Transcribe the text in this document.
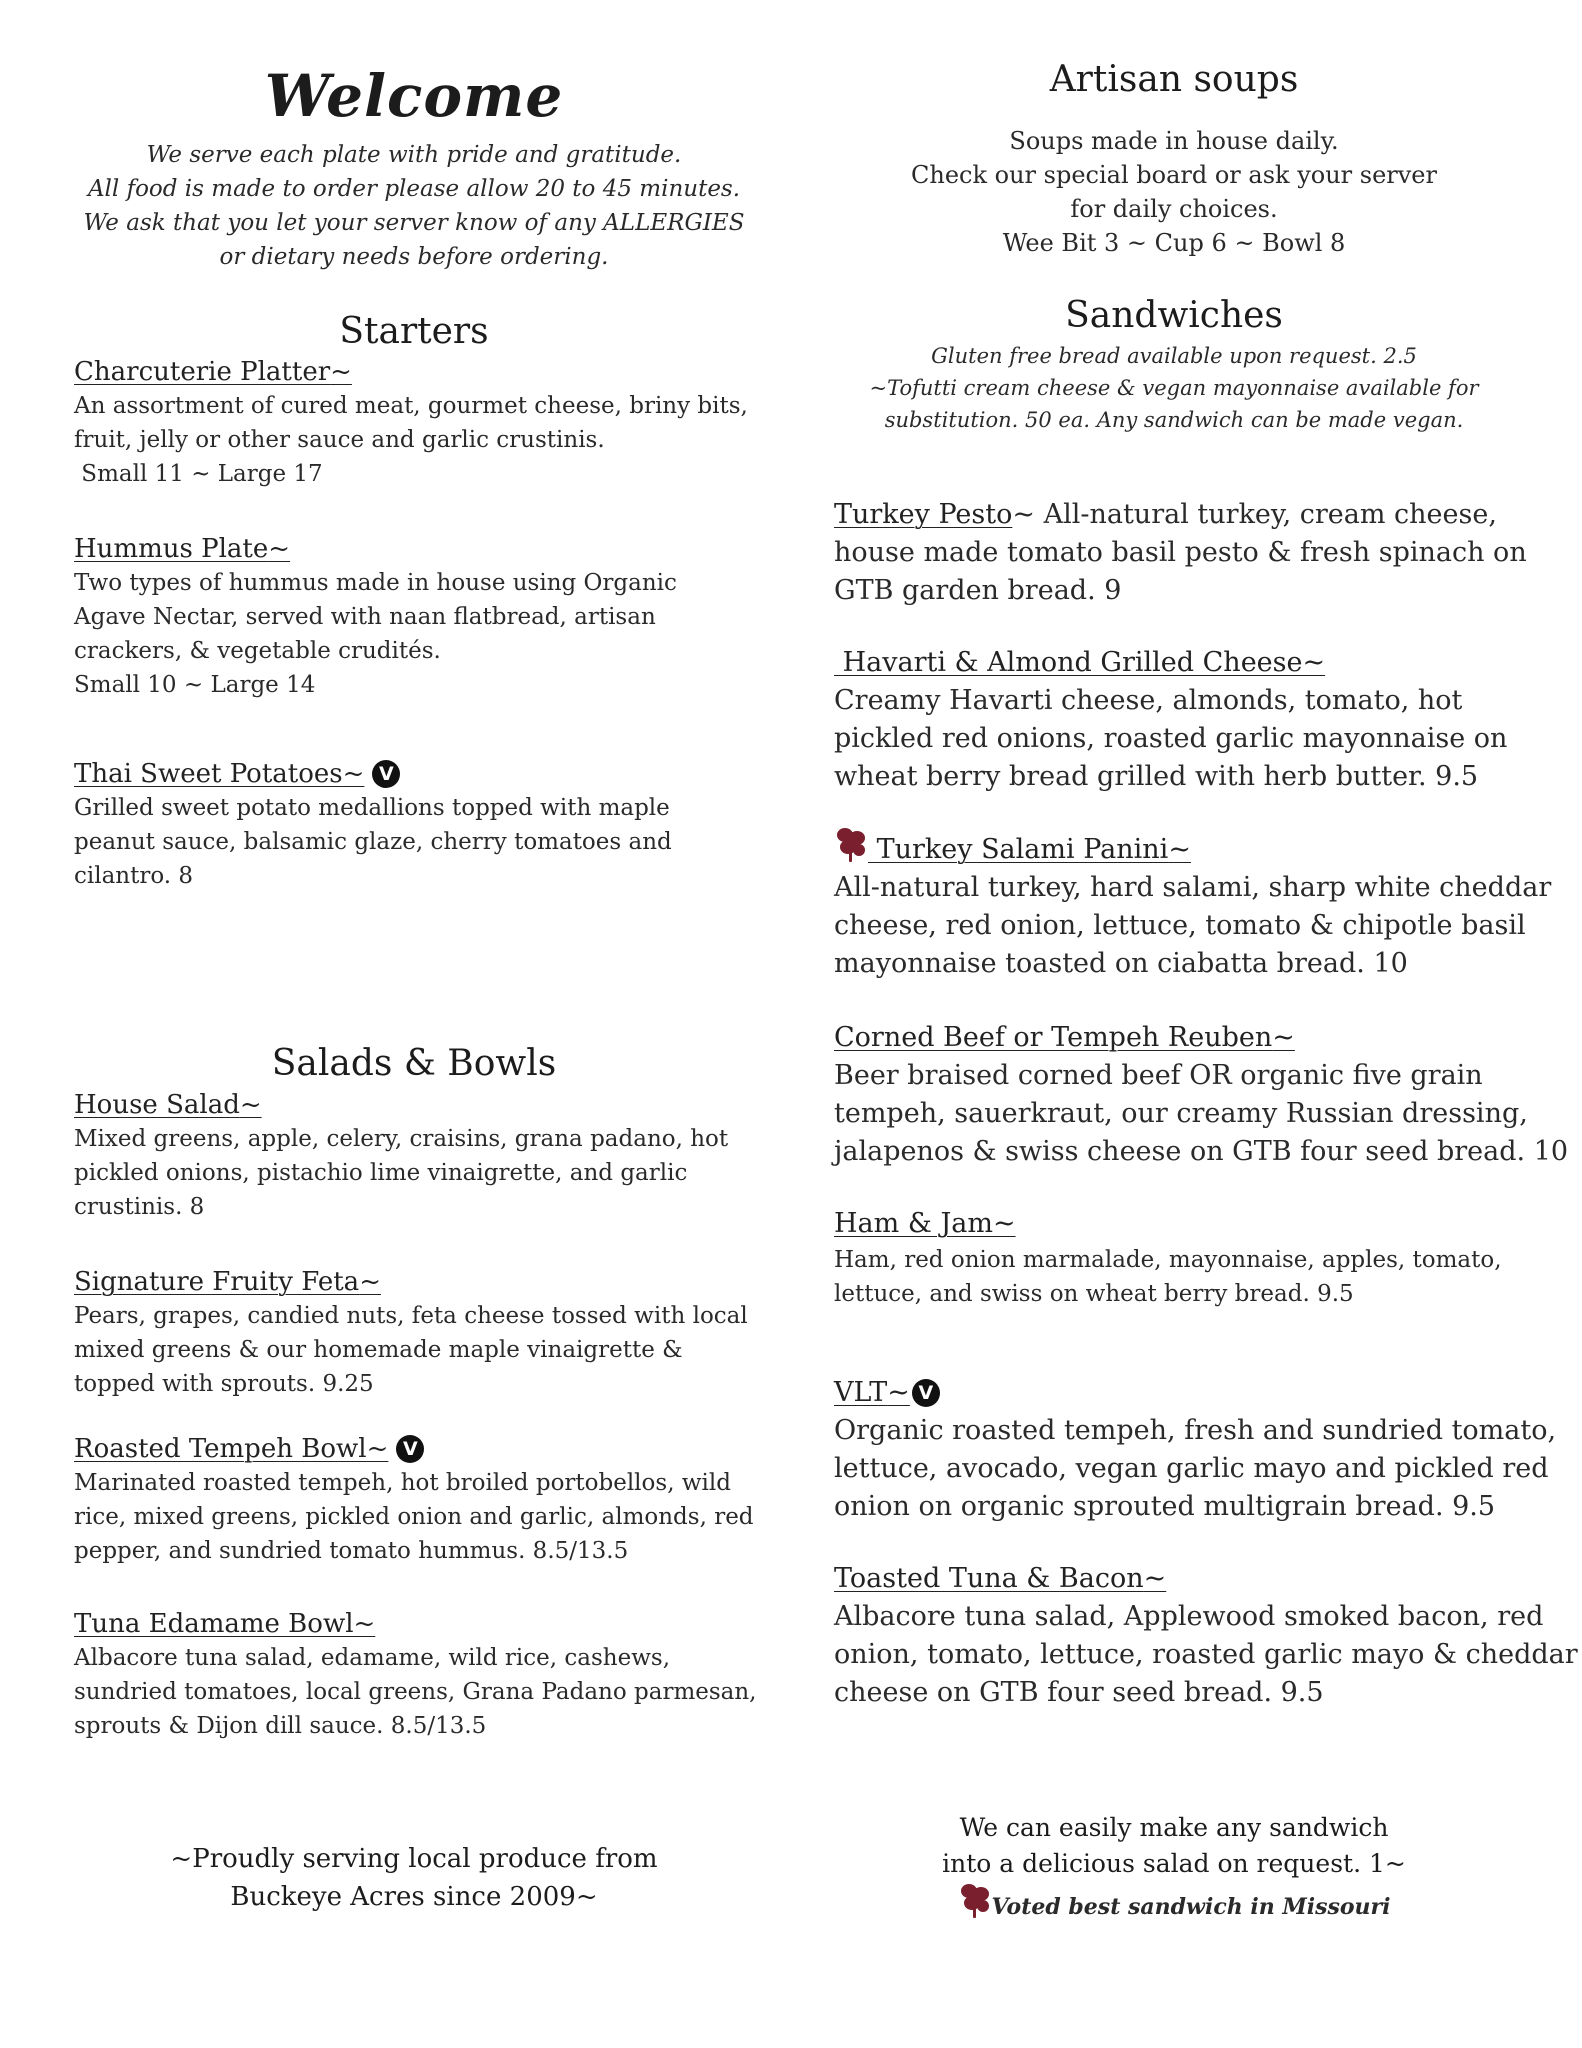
Welcome
We serve each plate with pride and gratitude.
All food is made to order please allow 20 to 45 minutes.
We ask that you let your server know of any ALLERGIES
or dietary needs before ordering.
Starters
Charcuterie Platter~
An assortment of cured meat, gourmet cheese, briny bits,
fruit, jelly or other sauce and garlic crustinis.
Small 11 ~ Large 17
Hummus Plate~
Two types of hummus made in house using Organic
Agave Nectar, served with naan flatbread, artisan
crackers, & vegetable crudités.
Small 10 ~ Large 14
Thai Sweet Potatoes~ V
Grilled sweet potato medallions topped with maple
peanut sauce, balsamic glaze, cherry tomatoes and
cilantro. 8
Salads & Bowls
House Salad~
Mixed greens, apple, celery, craisins, grana padano, hot
pickled onions, pistachio lime vinaigrette, and garlic
crustinis. 8
Signature Fruity Feta~
Pears, grapes, candied nuts, feta cheese tossed with local
mixed greens & our homemade maple vinaigrette &
topped with sprouts. 9.25
Roasted Tempeh Bowl~ V
Marinated roasted tempeh, hot broiled portobellos, wild
rice, mixed greens, pickled onion and garlic, almonds, red
pepper, and sundried tomato hummus. 8.5/13.5
Tuna Edamame Bowl~
Albacore tuna salad, edamame, wild rice, cashews,
sundried tomatoes, local greens, Grana Padano parmesan,
sprouts & Dijon dill sauce. 8.5/13.5
~Proudly serving local produce from
Buckeye Acres since 2009~
Artisan soups
Soups made in house daily.
Check our special board or ask your server
for daily choices.
Wee Bit 3 ~ Cup 6 ~ Bowl 8
Sandwiches
Gluten free bread available upon request. 2.5
~Tofutti cream cheese & vegan mayonnaise available for
substitution. 50 ea. Any sandwich can be made vegan.
Turkey Pesto~ All-natural turkey, cream cheese,
house made tomato basil pesto & fresh spinach on
GTB garden bread. 9
Havarti & Almond Grilled Cheese~
Creamy Havarti cheese, almonds, tomato, hot
pickled red onions, roasted garlic mayonnaise on
wheat berry bread grilled with herb butter. 9.5
Turkey Salami Panini~
All-natural turkey, hard salami, sharp white cheddar
cheese, red onion, lettuce, tomato & chipotle basil
mayonnaise toasted on ciabatta bread. 10
Corned Beef or Tempeh Reuben~
Beer braised corned beef OR organic five grain
tempeh, sauerkraut, our creamy Russian dressing,
jalapenos & swiss cheese on GTB four seed bread. 10
Ham & Jam~
Ham, red onion marmalade, mayonnaise, apples, tomato,
lettuce, and swiss on wheat berry bread. 9.5
VLT~ V
Organic roasted tempeh, fresh and sundried tomato,
lettuce, avocado, vegan garlic mayo and pickled red
onion on organic sprouted multigrain bread. 9.5
Toasted Tuna & Bacon~
Albacore tuna salad, Applewood smoked bacon, red
onion, tomato, lettuce, roasted garlic mayo & cheddar
cheese on GTB four seed bread. 9.5
We can easily make any sandwich
into a delicious salad on request. 1~
Voted best sandwich in Missouri
